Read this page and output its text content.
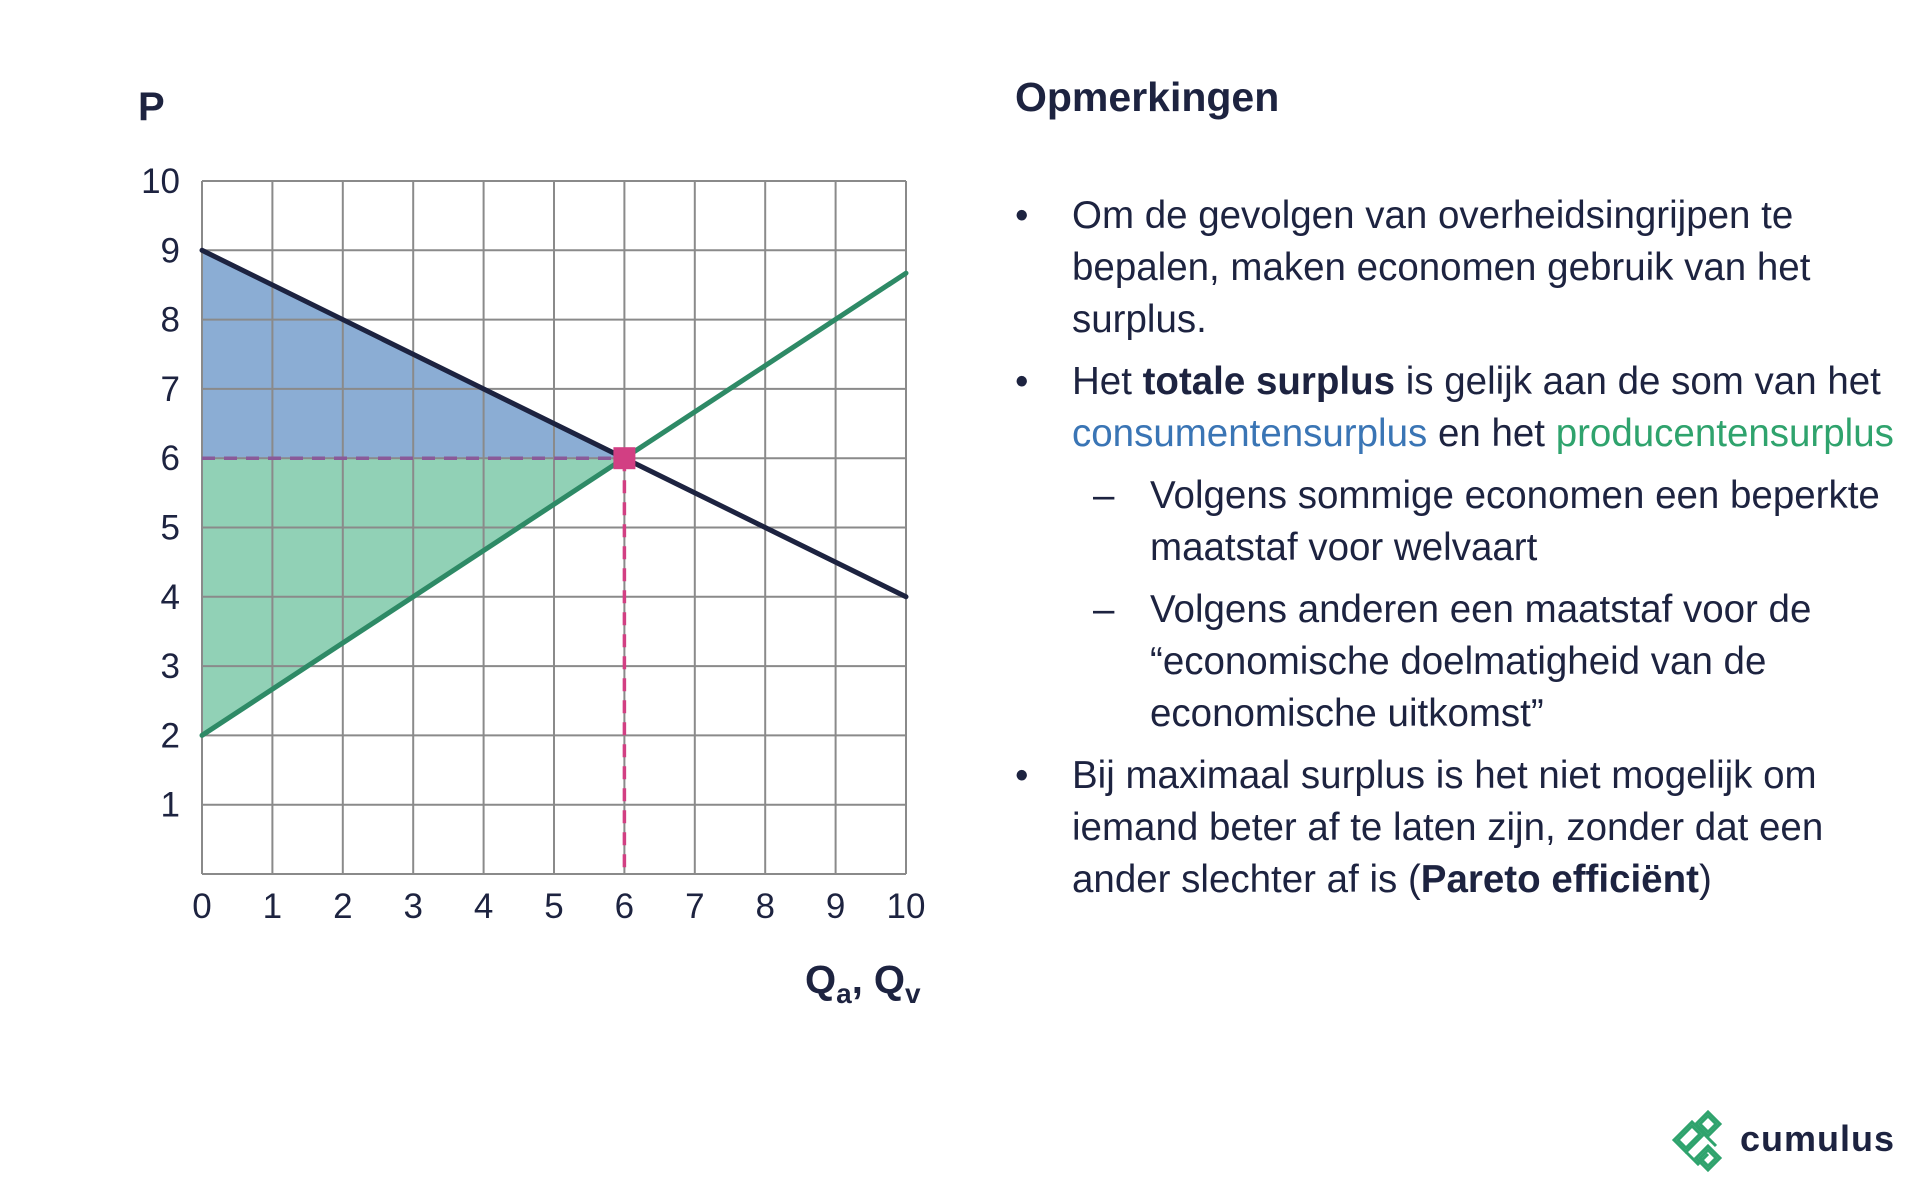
0 1 2 3 4 5 6 7 8 9 10
1
2
3
4
5
6
7
8
9
10
P
$Q_a$, $Q_v$
Opmerkingen
• Om de gevolgen van overheidsingrijpen te bepalen, maken economen gebruik van het surplus.
• Het totale surplus is gelijk aan de som van het consumentensurplus en het producentensurplus
– Volgens sommige economen een beperkte maatstaf voor welvaart
– Volgens anderen een maatstaf voor de “economische doelmatigheid van de economische uitkomst”
• Bij maximaal surplus is het niet mogelijk om iemand beter af te laten zijn, zonder dat een ander slechter af is (Pareto efficiënt)
cumulus
